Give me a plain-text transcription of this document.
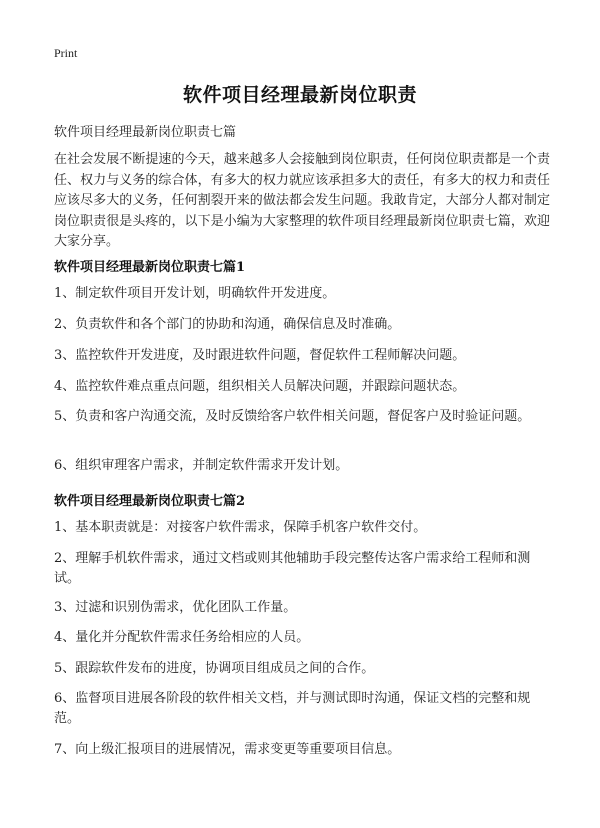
Print
软件项目经理最新岗位职责
软件项目经理最新岗位职责七篇
在社会发展不断提速的今天，越来越多人会接触到岗位职责，任何岗位职责都是一个责任、权力与义务的综合体，有多大的权力就应该承担多大的责任，有多大的权力和责任应该尽多大的义务，任何割裂开来的做法都会发生问题。我敢肯定，大部分人都对制定岗位职责很是头疼的，以下是小编为大家整理的软件项目经理最新岗位职责七篇，欢迎大家分享。
软件项目经理最新岗位职责七篇1
1、制定软件项目开发计划，明确软件开发进度。
2、负责软件和各个部门的协助和沟通，确保信息及时准确。
3、监控软件开发进度，及时跟进软件问题，督促软件工程师解决问题。
4、监控软件难点重点问题，组织相关人员解决问题，并跟踪问题状态。
5、负责和客户沟通交流，及时反馈给客户软件相关问题，督促客户及时验证问题。
6、组织审理客户需求，并制定软件需求开发计划。
软件项目经理最新岗位职责七篇2
1、基本职责就是：对接客户软件需求，保障手机客户软件交付。
2、理解手机软件需求，通过文档或则其他辅助手段完整传达客户需求给工程师和测试。
3、过滤和识别伪需求，优化团队工作量。
4、量化并分配软件需求任务给相应的人员。
5、跟踪软件发布的进度，协调项目组成员之间的合作。
6、监督项目进展各阶段的软件相关文档，并与测试即时沟通，保证文档的完整和规范。
7、向上级汇报项目的进展情况，需求变更等重要项目信息。
